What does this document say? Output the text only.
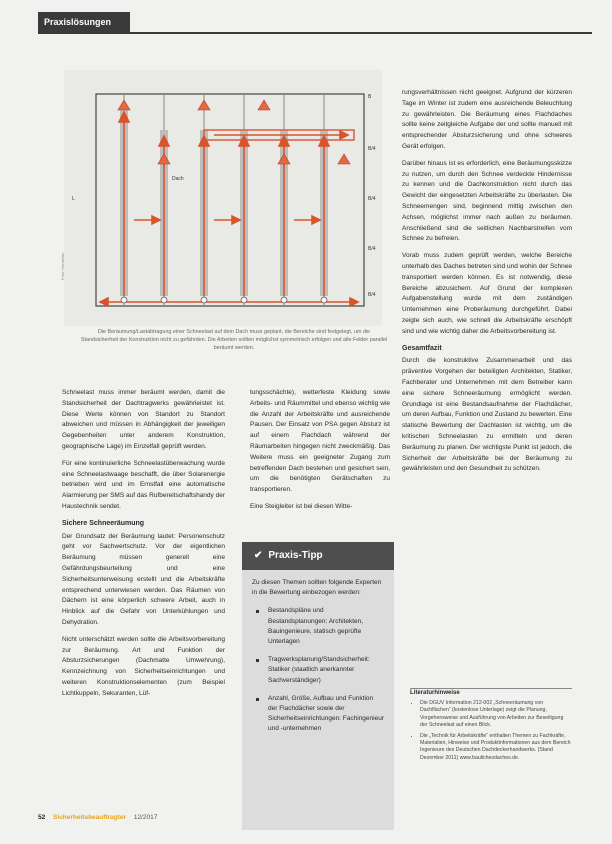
Praxislösungen
L
Dach
B
B/4
B/4
B/4
B/4
Die Beräumung/Lastabtragung einer Schneelast auf dem Dach muss geplant, die Bereiche sind festgelegt, um die Standsicherheit der Konstruktion nicht zu gefährden. Die Arbeiten sollten möglichst symmetrisch erfolgen und alle Felder parallel beräumt werden.

Schneelast muss immer beräumt werden, damit die Standsicherheit der Dachtragwerks gewährleistet ist. Diese Werte können von Standort zu Standort abweichen und müssen in Abhängigkeit der jeweiligen Gegebenheiten unter anderem Konstruktion, geographische Lage) im Einzelfall geprüft werden.

Für eine kontinuierliche Schneelastüberwachung wurde eine Schneelastwaage beschafft, die über Solarenergie betrieben wird und im Ernstfall eine automatische Alarmierung per SMS auf das Rufbereitschaftshandy der Haustechnik sendet.

Sichere Schneeräumung

Der Grundsatz der Beräumung lautet: Personenschutz geht vor Sachwertschutz. Vor der eigentlichen Beräumung müssen generell eine Gefährdungsbeurteilung und eine Sicherheitsunterweisung erstellt und die Arbeitskräfte entsprechend unterwiesen werden. Das Räumen von Dächern ist eine körperlich schwere Arbeit, auch in Hinblick auf die Gefahr von Unterkühlungen und Dehydration.

Nicht unterschätzt werden sollte die Arbeitsvorbereitung zur Beräumung. Art und Funktion der Absturzsicherungen (Dachmatte Umwehrung), Kennzeichnung von Sicherheitseinrichtungen und weiteren Konstruktionselementen (zum Beispiel Lichtkuppeln, Sekuranten, Lüf-

tungsschächte), wetterfeste Kleidung sowie Arbeits- und Räummittel und ebenso wichtig wie die Anzahl der Arbeitskräfte und ausreichende Pausen. Der Einsatz von PSA gegen Absturz ist auf einem Flachdach während der Räumarbeiten hingegen nicht zweckmäßig. Das Weitere muss ein geeigneter Zugang zum betreffenden Dach bestehen und gesichert sein, um die benötigten Gerätschaften zu transportieren.

Eine Steigleiter ist bei diesen Witte-

✔ Praxis-Tipp
Zu diesen Themen sollten folgende Experten in die Bewertung einbezogen werden:
Bestandspläne und Bestandsplanungen: Architekten, Bauingenieure, statisch geprüfte Unterlagen
Tragwerksplanung/Standsicherheit: Statiker (staatlich anerkannter Sachverständiger)
Anzahl, Größe, Aufbau und Funktion der Flachdächer sowie der Sicherheitseinrichtungen: Fachingenieur und -unternehmen

rungsverhältnissen nicht geeignet. Aufgrund der kürzeren Tage im Winter ist zudem eine ausreichende Beleuchtung zu gewährleisten. Die Beräumung eines Flachdaches sollte keine zeitgleiche Aufgabe der und sollte manuell mit entsprechender Absturzsicherung und ohne schweres Gerät erfolgen.

Darüber hinaus ist es erforderlich, eine Beräumungsskizze zu nutzen, um durch den Schnee verdeckte Hindernisse zu kennen und die Dachkonstruktion nicht durch das Gewicht der eingesetzten Arbeitskräfte zu überlasten. Die Schneemengen sind, beginnend mittig zwischen den Achsen, möglichst immer nach außen zu beräumen. Anschließend sind die seitlichen Nachbarstreifen vom Schnee zu befreien.

Vorab muss zudem geprüft werden, welche Bereiche unterhalb des Daches betreten sind und wohin der Schnee transportiert werden können. Es ist notwendig, diese Bereiche abzusichern. Auf Grund der komplexen Aufgabenstellung wurde mit dem zuständigen Unternehmen eine Proberäumung durchgeführt. Dabei zeigte sich auch, wie schnell die Arbeitskräfte erschöpft sind und wie wichtig daher die Arbeitsvorbereitung ist.

Gesamtfazit

Durch die konstruktive Zusammenarbeit und das präventive Vorgehen der beteiligten Architekten, Statiker, Fachberater und Unternehmen mit dem Betreiber kann eine sichere Schneeräumung ermöglicht werden. Grundlage ist eine Bestandsaufnahme der Flachdächer, um deren Aufbau, Funktion und Zustand zu bewerten. Eine statische Bewertung der Dachlasten ist wichtig, um die kritischen Schneelasten zu ermitteln und deren Beräumung zu planen. Der wichtigste Punkt ist jedoch, die Sicherheit der Arbeitskräfte bei der Beräumung zu gewährleisten und den Gesundheit zu schützen.

Literaturhinweise
• Die DGUV Information 212-002 „Schneeräumung von Dachflächen“ (kostenlose Unterlage) zeigt die Planung, Vorgehensweise und Ausführung von Arbeiten zur Beseitigung der Schneelast auf einen Blick.
• Die „Technik für Arbeitskräfte“ enthalten Themen zu Fachkräfte, Materialien, Hinweise und Produktinformationen aus dem Bereich Ingenieure des Deutschen Dachdeckerhandwerks. (Stand Dezember 2011) www.baulichesdaches.de.
Foto: Hersteller
52 Sicherheitsbeauftragter 12/2017
